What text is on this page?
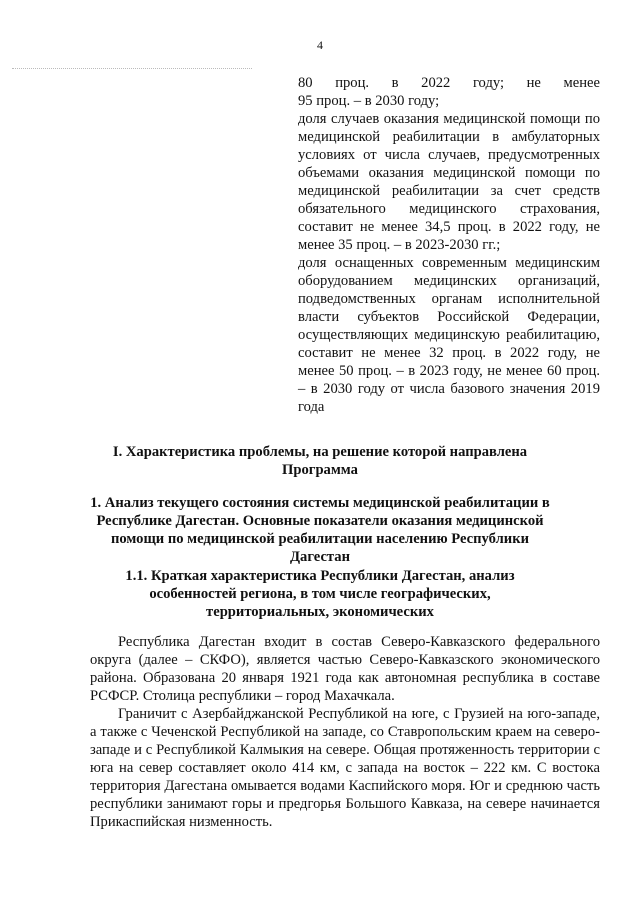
4

80 проц. в 2022 году; не менее

95 проц. – в 2030 году;

доля случаев оказания медицинской помощи по медицинской реабилитации в амбулаторных условиях от числа случаев, предусмотренных объемами оказания медицинской помощи по медицинской реабилитации за счет средств обязательного медицинского страхования, составит не менее 34,5 проц. в 2022 году, не менее 35 проц. – в 2023-2030 гг.;

доля оснащенных современным медицинским оборудованием медицинских организаций, подведомственных органам исполнительной власти субъектов Российской Федерации, осуществляющих медицинскую реабилитацию, составит не менее 32 проц. в 2022 году, не менее 50 проц. – в 2023 году, не менее 60 проц. – в 2030 году от числа базового значения 2019 года

I. Характеристика проблемы, на решение которой направлена Программа
1. Анализ текущего состояния системы медицинской реабилитации в Республике Дагестан. Основные показатели оказания медицинской помощи по медицинской реабилитации населению Республики Дагестан
1.1. Краткая характеристика Республики Дагестан, анализ особенностей региона, в том числе географических, территориальных, экономических

Республика Дагестан входит в состав Северо-Кавказского федерального округа (далее – СКФО), является частью Северо-Кавказского экономического района. Образована 20 января 1921 года как автономная республика в составе РСФСР. Столица республики – город Махачкала.

Граничит с Азербайджанской Республикой на юге, с Грузией на юго-западе, а также с Чеченской Республикой на западе, со Ставропольским краем на северо-западе и с Республикой Калмыкия на севере. Общая протяженность территории с юга на север составляет около 414 км, с запада на восток – 222 км. С востока территория Дагестана омывается водами Каспийского моря. Юг и среднюю часть республики занимают горы и предгорья Большого Кавказа, на севере начинается Прикаспийская низменность.
